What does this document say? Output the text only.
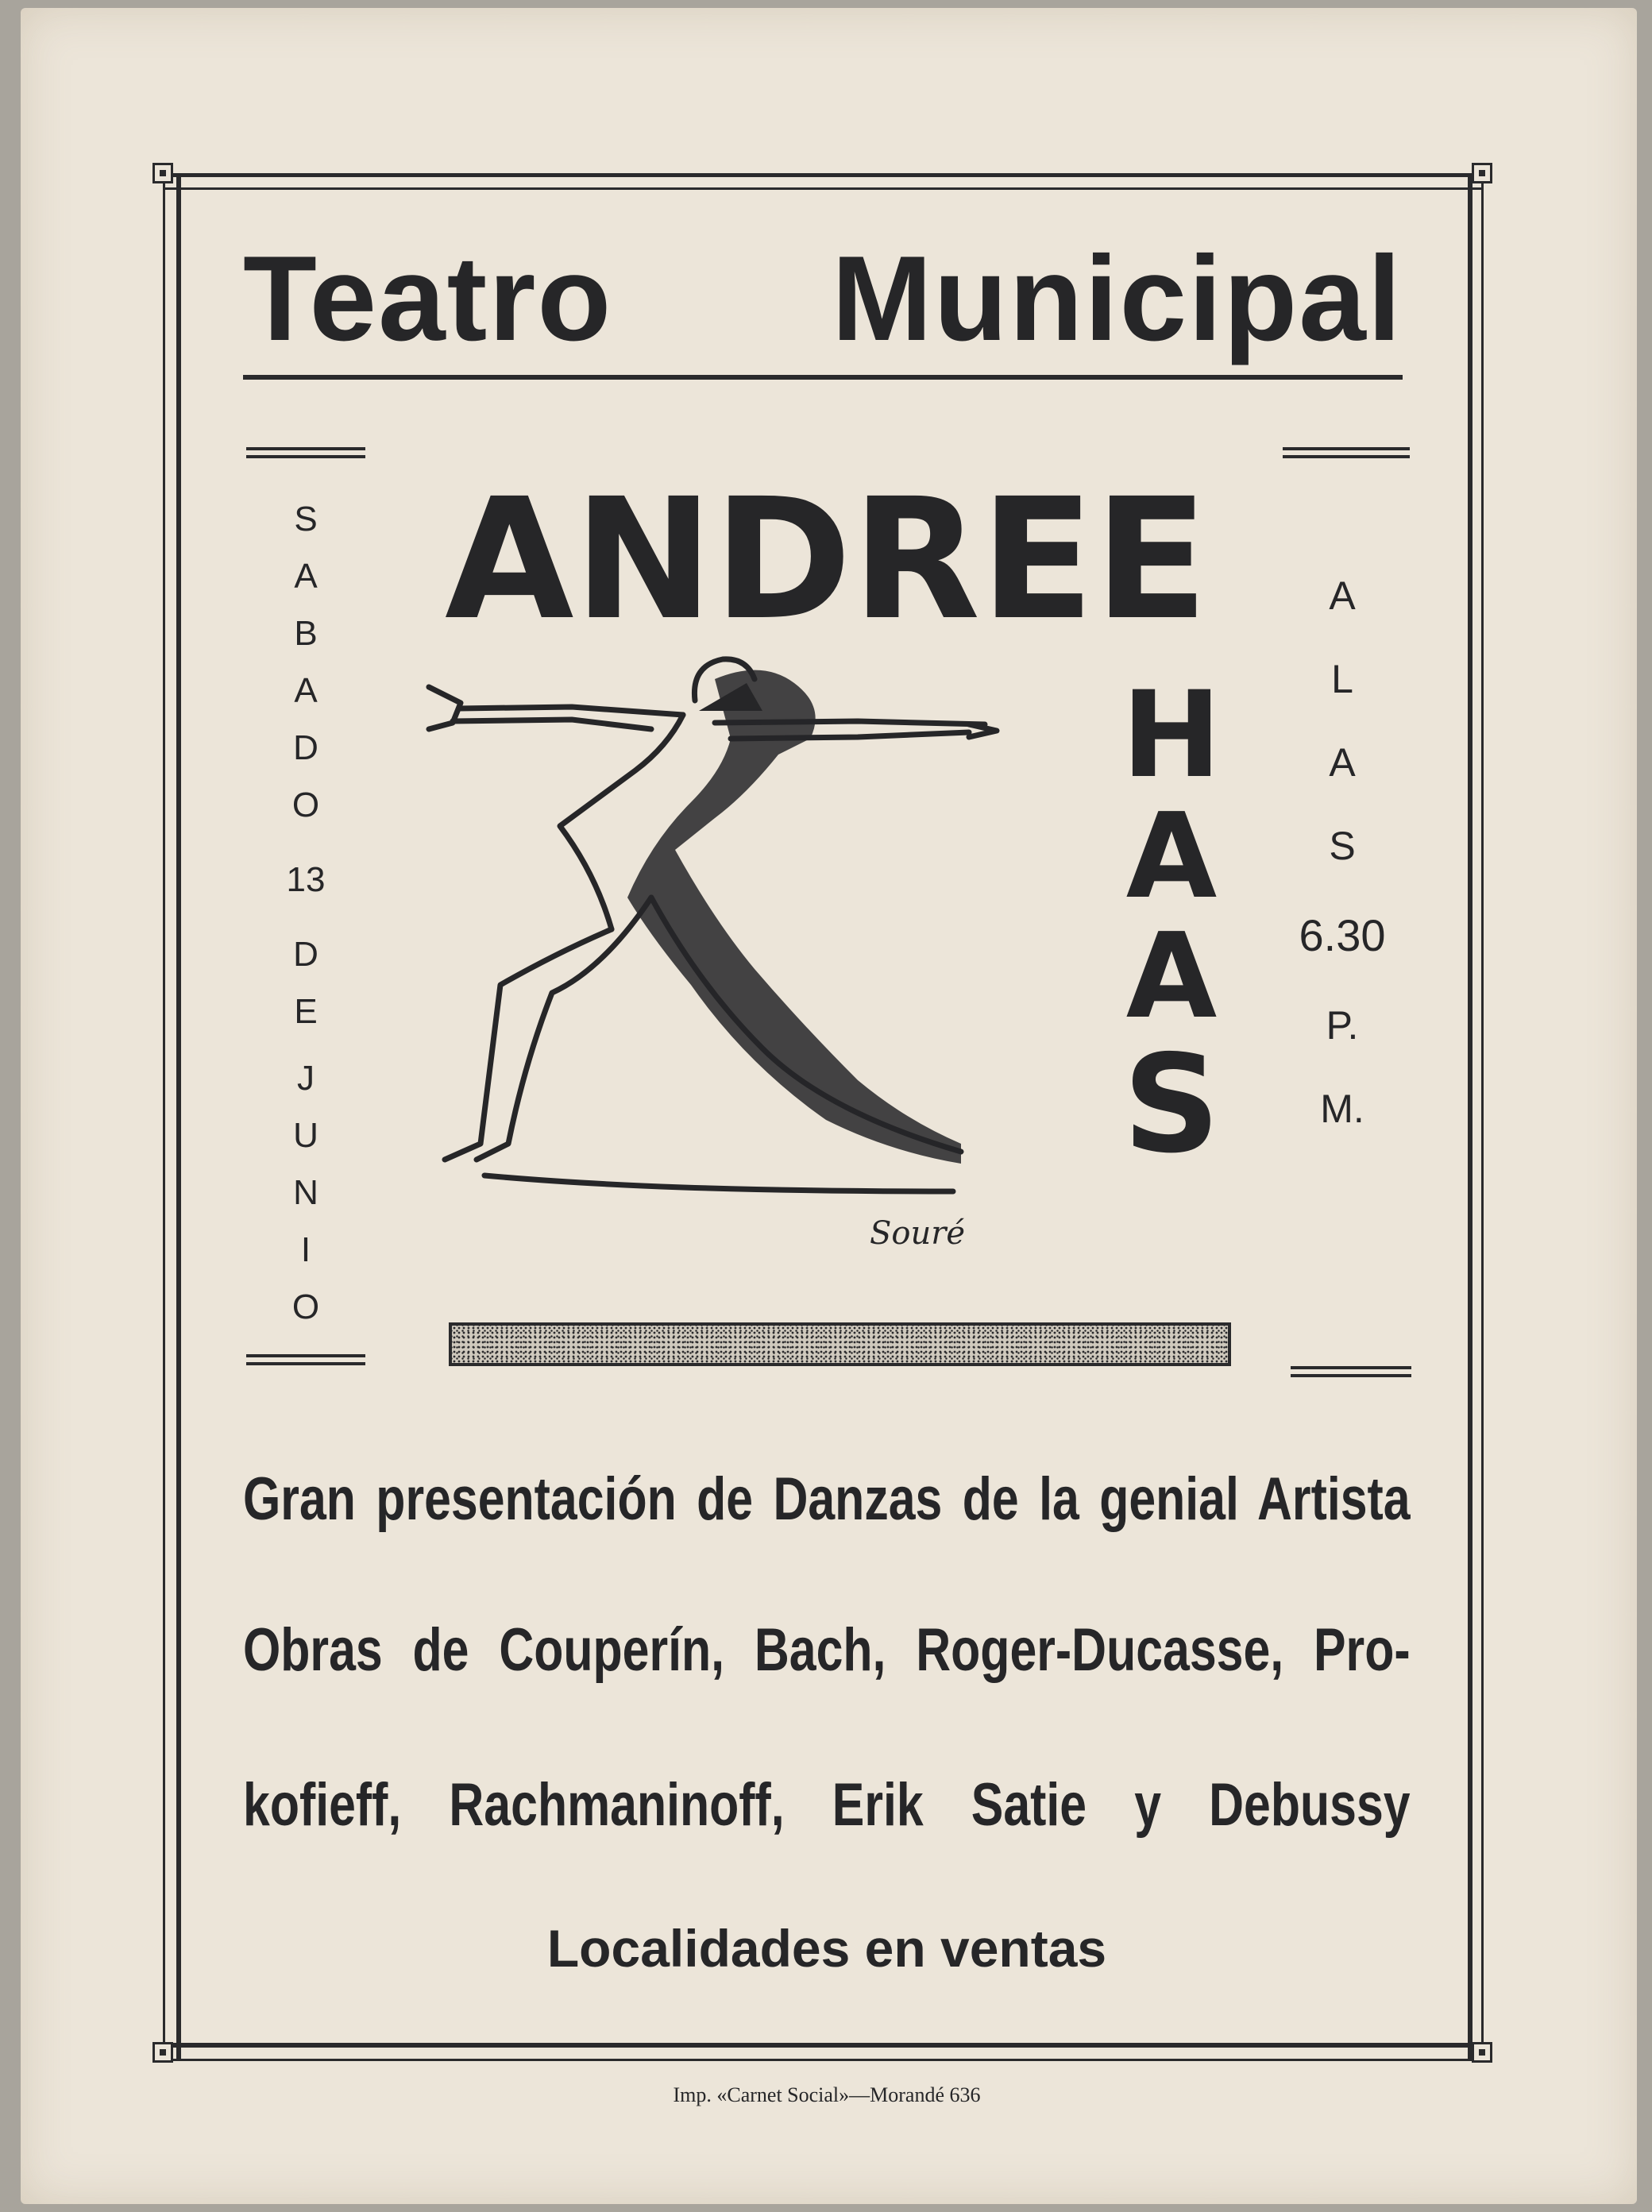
Teatro Municipal
S
A
B
A
D
O
13
D
E
J
U
N
I
O
A
L
A
S
6.30
P.
M.
ANDREE
H
A
A
S
Souré
Gran presentación de Danzas de la genial Artista
Obras de Couperín, Bach, Roger-Ducasse, Pro-
kofieff, Rachmaninoff, Erik Satie y Debussy
Localidades en ventas
Imp. «Carnet Social»—Morandé 636
